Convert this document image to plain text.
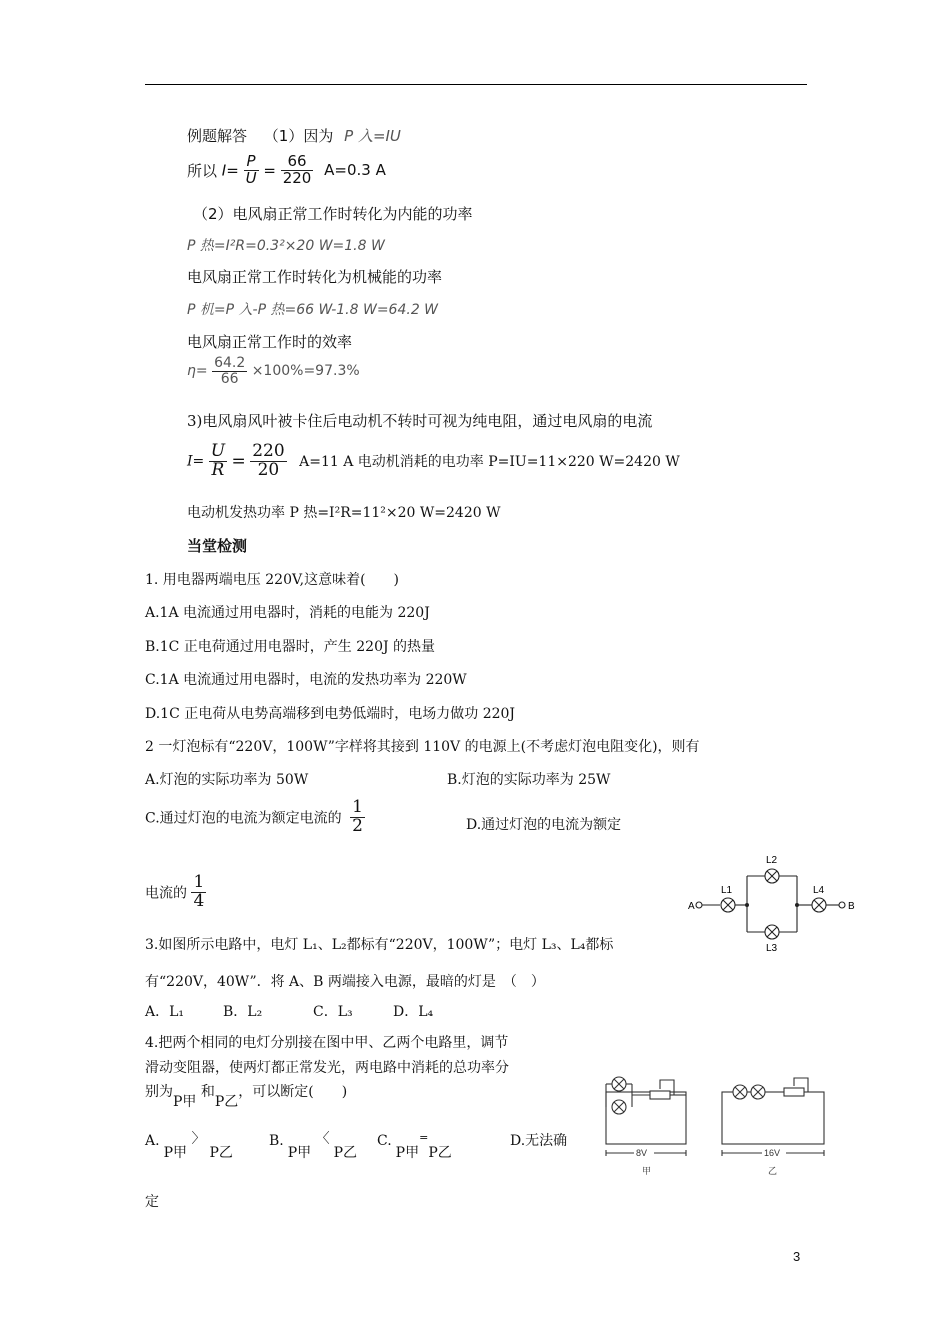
例题解答 （1）因为 P 入=IU
所以 $I= \frac{P}{U} = \frac{66}{220} A=0.3$ A
（2）电风扇正常工作时转化为内能的功率
P 热=I²R=0.3²×20 W=1.8 W
电风扇正常工作时转化为机械能的功率
P 机=P 入-P 热=66 W-1.8 W=64.2 W
电风扇正常工作时的效率
$\eta= \frac{64.2}{66} \times 100\%=97.3\%$
3)电风扇风叶被卡住后电动机不转时可视为纯电阻，通过电风扇的电流
$I= \frac{U}{R} = \frac{220}{20} A=11$ A 电动机消耗的电功率 P=IU=11×220 W=2420 W
电动机发热功率 P 热=I²R=11²×20 W=2420 W
当堂检测
1. 用电器两端电压 220V,这意味着(　　)
A.1A 电流通过用电器时，消耗的电能为 220J
B.1C 正电荷通过用电器时，产生 220J 的热量
C.1A 电流通过用电器时，电流的发热功率为 220W
D.1C 正电荷从电势高端移到电势低端时，电场力做功 220J
2 一灯泡标有“220V，100W”字样将其接到 110V 的电源上(不考虑灯泡电阻变化)，则有
A.灯泡的实际功率为 50W	B.灯泡的实际功率为 25W
C.通过灯泡的电流为额定电流的 $\frac{1}{2}$	D.通过灯泡的电流为额定
电流的 $\frac{1}{4}$	A	B
L1
L2
L3
L4
3.如图所示电路中，电灯 L₁、L₂都标有“220V，100W”；电灯 L₃、L₄都标
有“220V，40W”．将 A、B 两端接入电源，最暗的灯是　（　）
A．L₁	B．L₂	C．L₃	D．L₄
4.把两个相同的电灯分别接在图中甲、乙两个电路里，调节
滑动变阻器，使两灯都正常发光，两电路中消耗的总功率分
别为P甲 和P乙，可以断定(　　)
A.P甲 〉P乙
B.P甲 〈P乙
C.P甲=P乙
D.无法确
定
8V	16V
甲	乙
3
